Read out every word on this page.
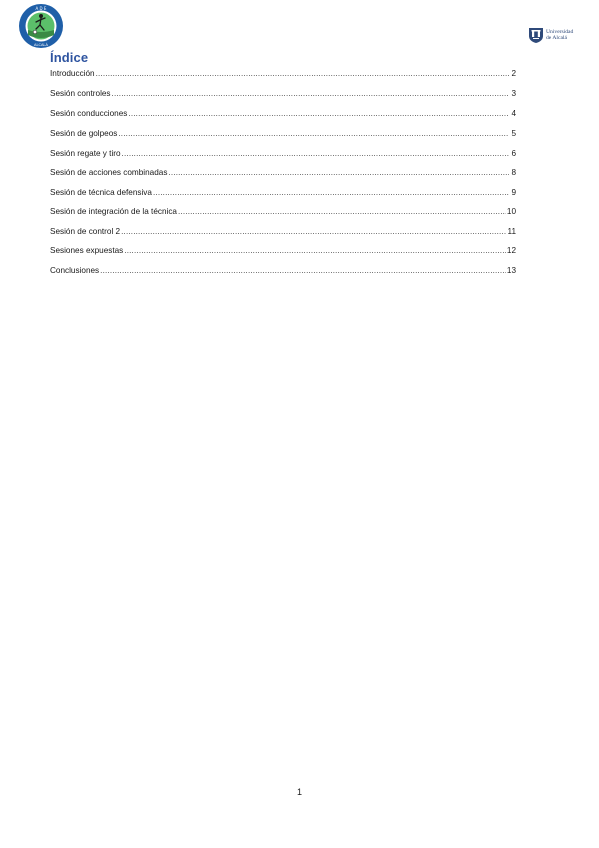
A D E
ALCALÁ
Universidad
de Alcalá
Índice
Introducción .....	2
Sesión controles .....	3
Sesión conducciones .....	4
Sesión de golpeos .....	5
Sesión regate y tiro .....	6
Sesión de acciones combinadas .....	8
Sesión de técnica defensiva .....	9
Sesión de integración de la técnica .....	10
Sesión de control 2 .....	11
Sesiones expuestas .....	12
Conclusiones .....	13
1
